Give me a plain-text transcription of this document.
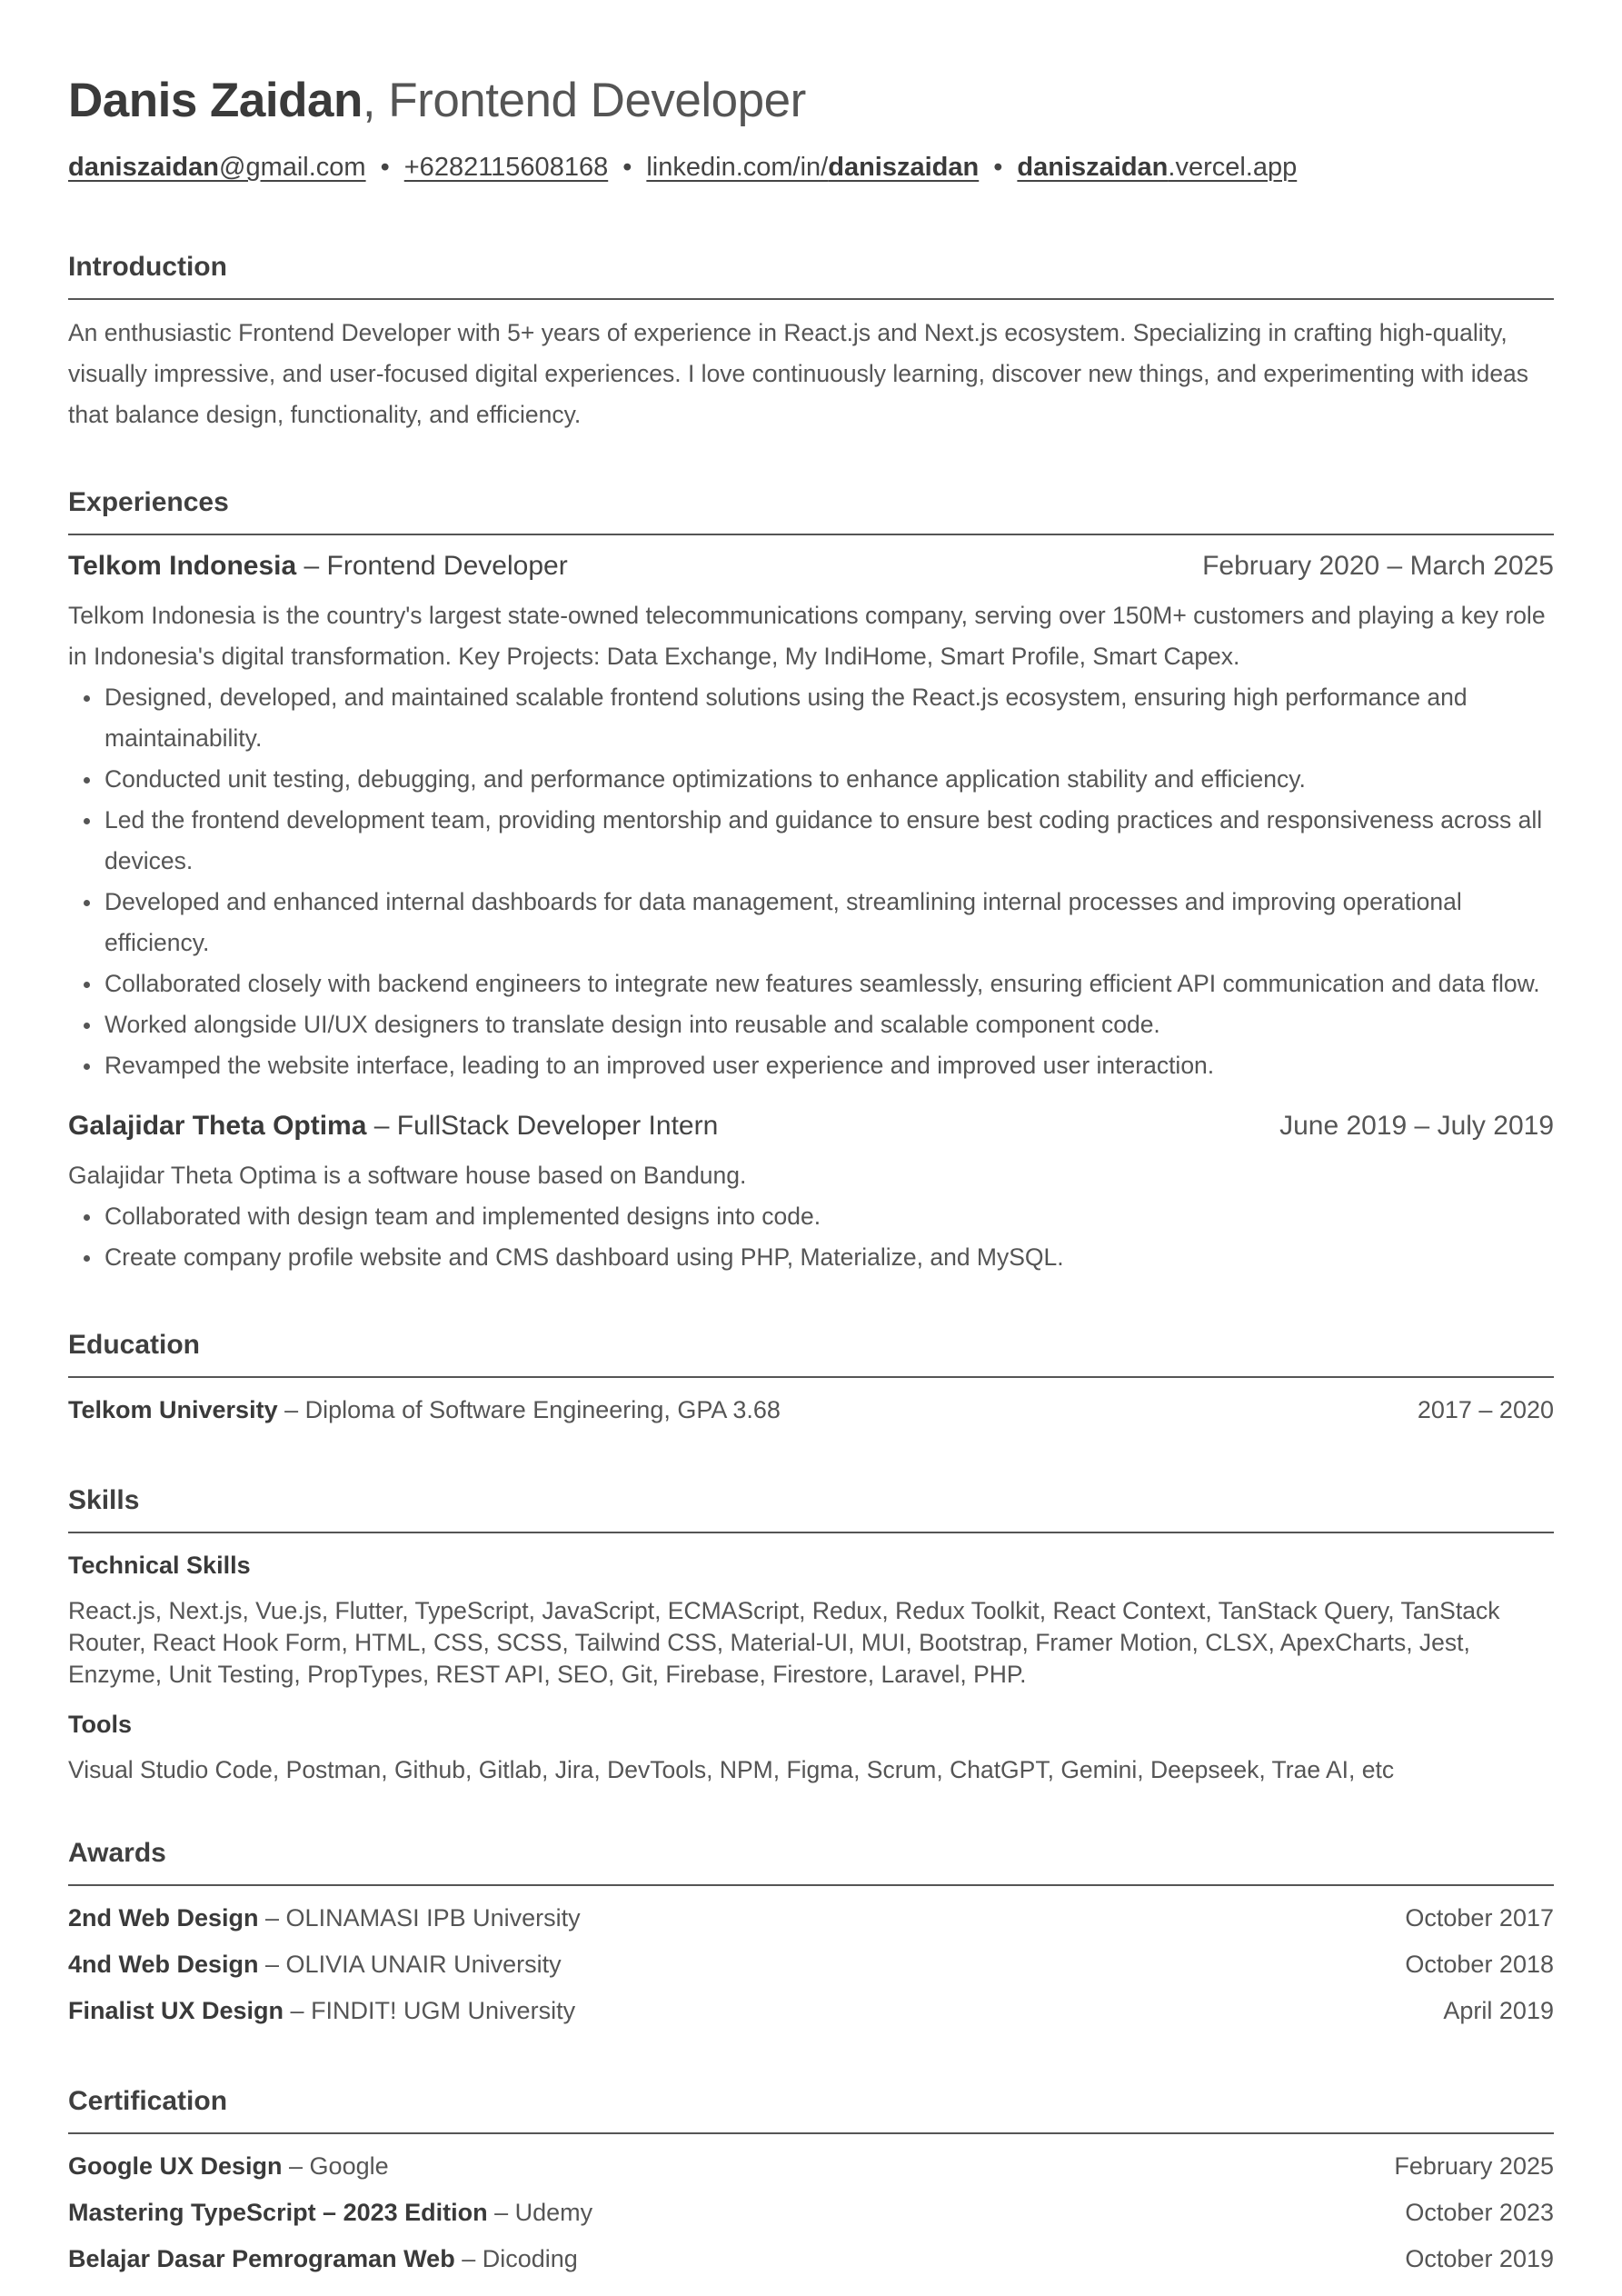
Danis Zaidan, Frontend Developer
daniszaidan@gmail.com • +6282115608168 • linkedin.com/in/daniszaidan • daniszaidan.vercel.app
Introduction

An enthusiastic Frontend Developer with 5+ years of experience in React.js and Next.js ecosystem. Specializing in crafting high-quality, visually impressive, and user-focused digital experiences. I love continuously learning, discover new things, and experimenting with ideas that balance design, functionality, and efficiency.

Experiences
Telkom Indonesia – Frontend Developer	February 2020 – March 2025

Telkom Indonesia is the country's largest state-owned telecommunications company, serving over 150M+ customers and playing a key role in Indonesia's digital transformation. Key Projects: Data Exchange, My IndiHome, Smart Profile, Smart Capex.

Designed, developed, and maintained scalable frontend solutions using the React.js ecosystem, ensuring high performance and maintainability.
Conducted unit testing, debugging, and performance optimizations to enhance application stability and efficiency.
Led the frontend development team, providing mentorship and guidance to ensure best coding practices and responsiveness across all devices.
Developed and enhanced internal dashboards for data management, streamlining internal processes and improving operational efficiency.
Collaborated closely with backend engineers to integrate new features seamlessly, ensuring efficient API communication and data flow.
Worked alongside UI/UX designers to translate design into reusable and scalable component code.
Revamped the website interface, leading to an improved user experience and improved user interaction.
Galajidar Theta Optima – FullStack Developer Intern	June 2019 – July 2019

Galajidar Theta Optima is a software house based on Bandung.

Collaborated with design team and implemented designs into code.
Create company profile website and CMS dashboard using PHP, Materialize, and MySQL.
Education
Telkom University – Diploma of Software Engineering, GPA 3.68	2017 – 2020
Skills
Technical Skills
React.js, Next.js, Vue.js, Flutter, TypeScript, JavaScript, ECMAScript, Redux, Redux Toolkit, React Context, TanStack Query, TanStack Router, React Hook Form, HTML, CSS, SCSS, Tailwind CSS, Material-UI, MUI, Bootstrap, Framer Motion, CLSX, ApexCharts, Jest, Enzyme, Unit Testing, PropTypes, REST API, SEO, Git, Firebase, Firestore, Laravel, PHP.
Tools
Visual Studio Code, Postman, Github, Gitlab, Jira, DevTools, NPM, Figma, Scrum, ChatGPT, Gemini, Deepseek, Trae AI, etc
Awards
2nd Web Design – OLINAMASI IPB University	October 2017
4nd Web Design – OLIVIA UNAIR University	October 2018
Finalist UX Design – FINDIT! UGM University	April 2019
Certification
Google UX Design – Google	February 2025
Mastering TypeScript – 2023 Edition – Udemy	October 2023
Belajar Dasar Pemrograman Web – Dicoding	October 2019
